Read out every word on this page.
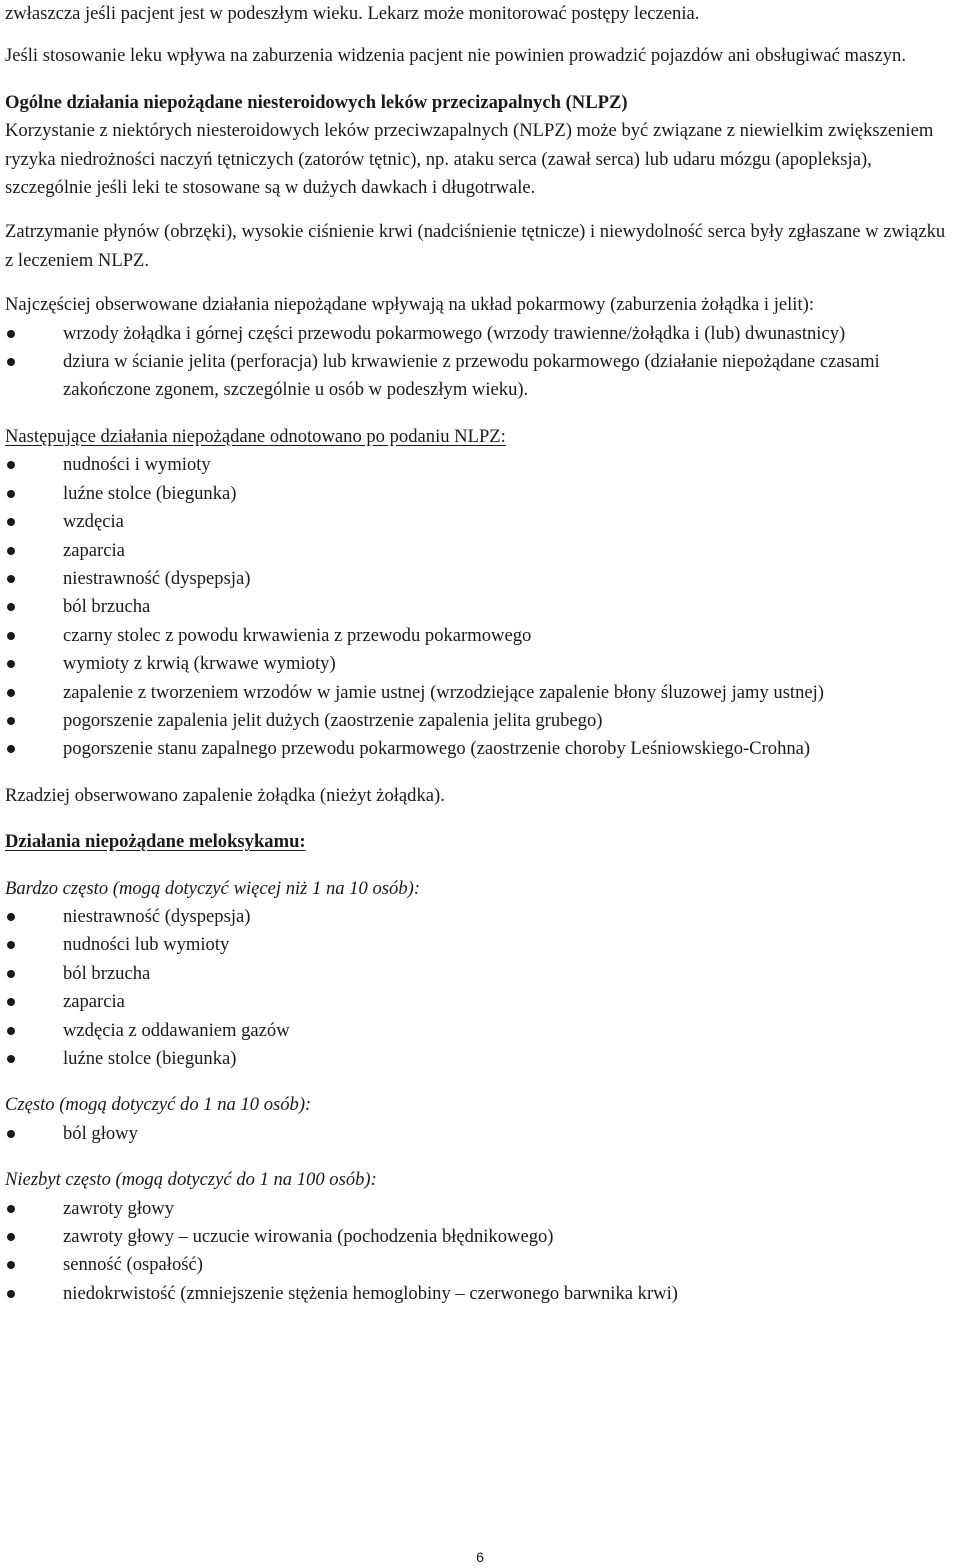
zwłaszcza jeśli pacjent jest w podeszłym wieku. Lekarz może monitorować postępy leczenia.

Jeśli stosowanie leku wpływa na zaburzenia widzenia pacjent nie powinien prowadzić pojazdów ani obsługiwać maszyn.

Ogólne działania niepożądane niesteroidowych leków przecizapalnych (NLPZ)

Korzystanie z niektórych niesteroidowych leków przeciwzapalnych (NLPZ) może być związane z niewielkim zwiększeniem ryzyka niedrożności naczyń tętniczych (zatorów tętnic), np. ataku serca (zawał serca) lub udaru mózgu (apopleksja), szczególnie jeśli leki te stosowane są w dużych dawkach i długotrwale.

Zatrzymanie płynów (obrzęki), wysokie ciśnienie krwi (nadciśnienie tętnicze) i niewydolność serca były zgłaszane w związku z leczeniem NLPZ.

Najczęściej obserwowane działania niepożądane wpływają na układ pokarmowy (zaburzenia żołądka i jelit):

wrzody żołądka i górnej części przewodu pokarmowego (wrzody trawienne/żołądka i (lub) dwunastnicy)
dziura w ścianie jelita (perforacja) lub krwawienie z przewodu pokarmowego (działanie niepożądane czasami zakończone zgonem, szczególnie u osób w podeszłym wieku).

Następujące działania niepożądane odnotowano po podaniu NLPZ:

nudności i wymioty
luźne stolce (biegunka)
wzdęcia
zaparcia
niestrawność (dyspepsja)
ból brzucha
czarny stolec z powodu krwawienia z przewodu pokarmowego
wymioty z krwią (krwawe wymioty)
zapalenie z tworzeniem wrzodów w jamie ustnej (wrzodziejące zapalenie błony śluzowej jamy ustnej)
pogorszenie zapalenia jelit dużych (zaostrzenie zapalenia jelita grubego)
pogorszenie stanu zapalnego przewodu pokarmowego (zaostrzenie choroby Leśniowskiego-Crohna)

Rzadziej obserwowano zapalenie żołądka (nieżyt żołądka).

Działania niepożądane meloksykamu:

Bardzo często (mogą dotyczyć więcej niż 1 na 10 osób):

niestrawność (dyspepsja)
nudności lub wymioty
ból brzucha
zaparcia
wzdęcia z oddawaniem gazów
luźne stolce (biegunka)

Często (mogą dotyczyć do 1 na 10 osób):

ból głowy

Niezbyt często (mogą dotyczyć do 1 na 100 osób):

zawroty głowy
zawroty głowy – uczucie wirowania (pochodzenia błędnikowego)
senność (ospałość)
niedokrwistość (zmniejszenie stężenia hemoglobiny – czerwonego barwnika krwi)
6
